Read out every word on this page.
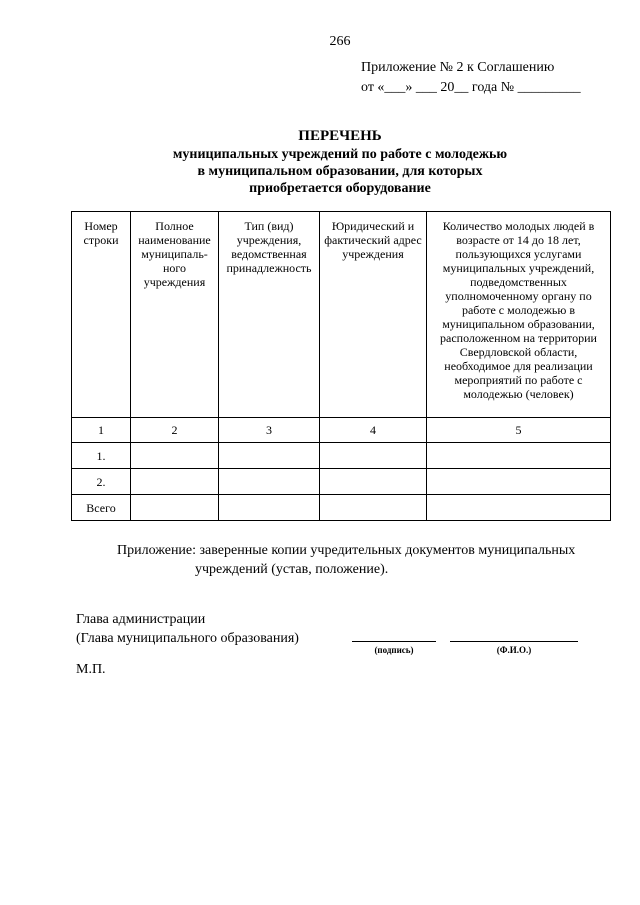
266
Приложение № 2 к Соглашению
от «___» ___ 20__ года № _________
ПЕРЕЧЕНЬ
муниципальных учреждений по работе с молодежью
в муниципальном образовании, для которых
приобретается оборудование
Номер строки	Полное наименование муниципаль-ного учреждения	Тип (вид) учреждения, ведомственная принадлежность	Юридический и фактический адрес учреждения	Количество молодых людей в возрасте от 14 до 18 лет, пользующихся услугами муниципальных учреждений, подведомственных уполномоченному органу по работе с молодежью в муниципальном образовании, расположенном на территории Свердловской области, необходимое для реализации мероприятий по работе с молодежью (человек)
1	2	3	4	5
1.				
2.				
Всего				
Приложение: заверенные копии учредительных документов муниципальных
учреждений (устав, положение).
Глава администрации
(Глава муниципального образования)
(подпись)	(Ф.И.О.)
М.П.
